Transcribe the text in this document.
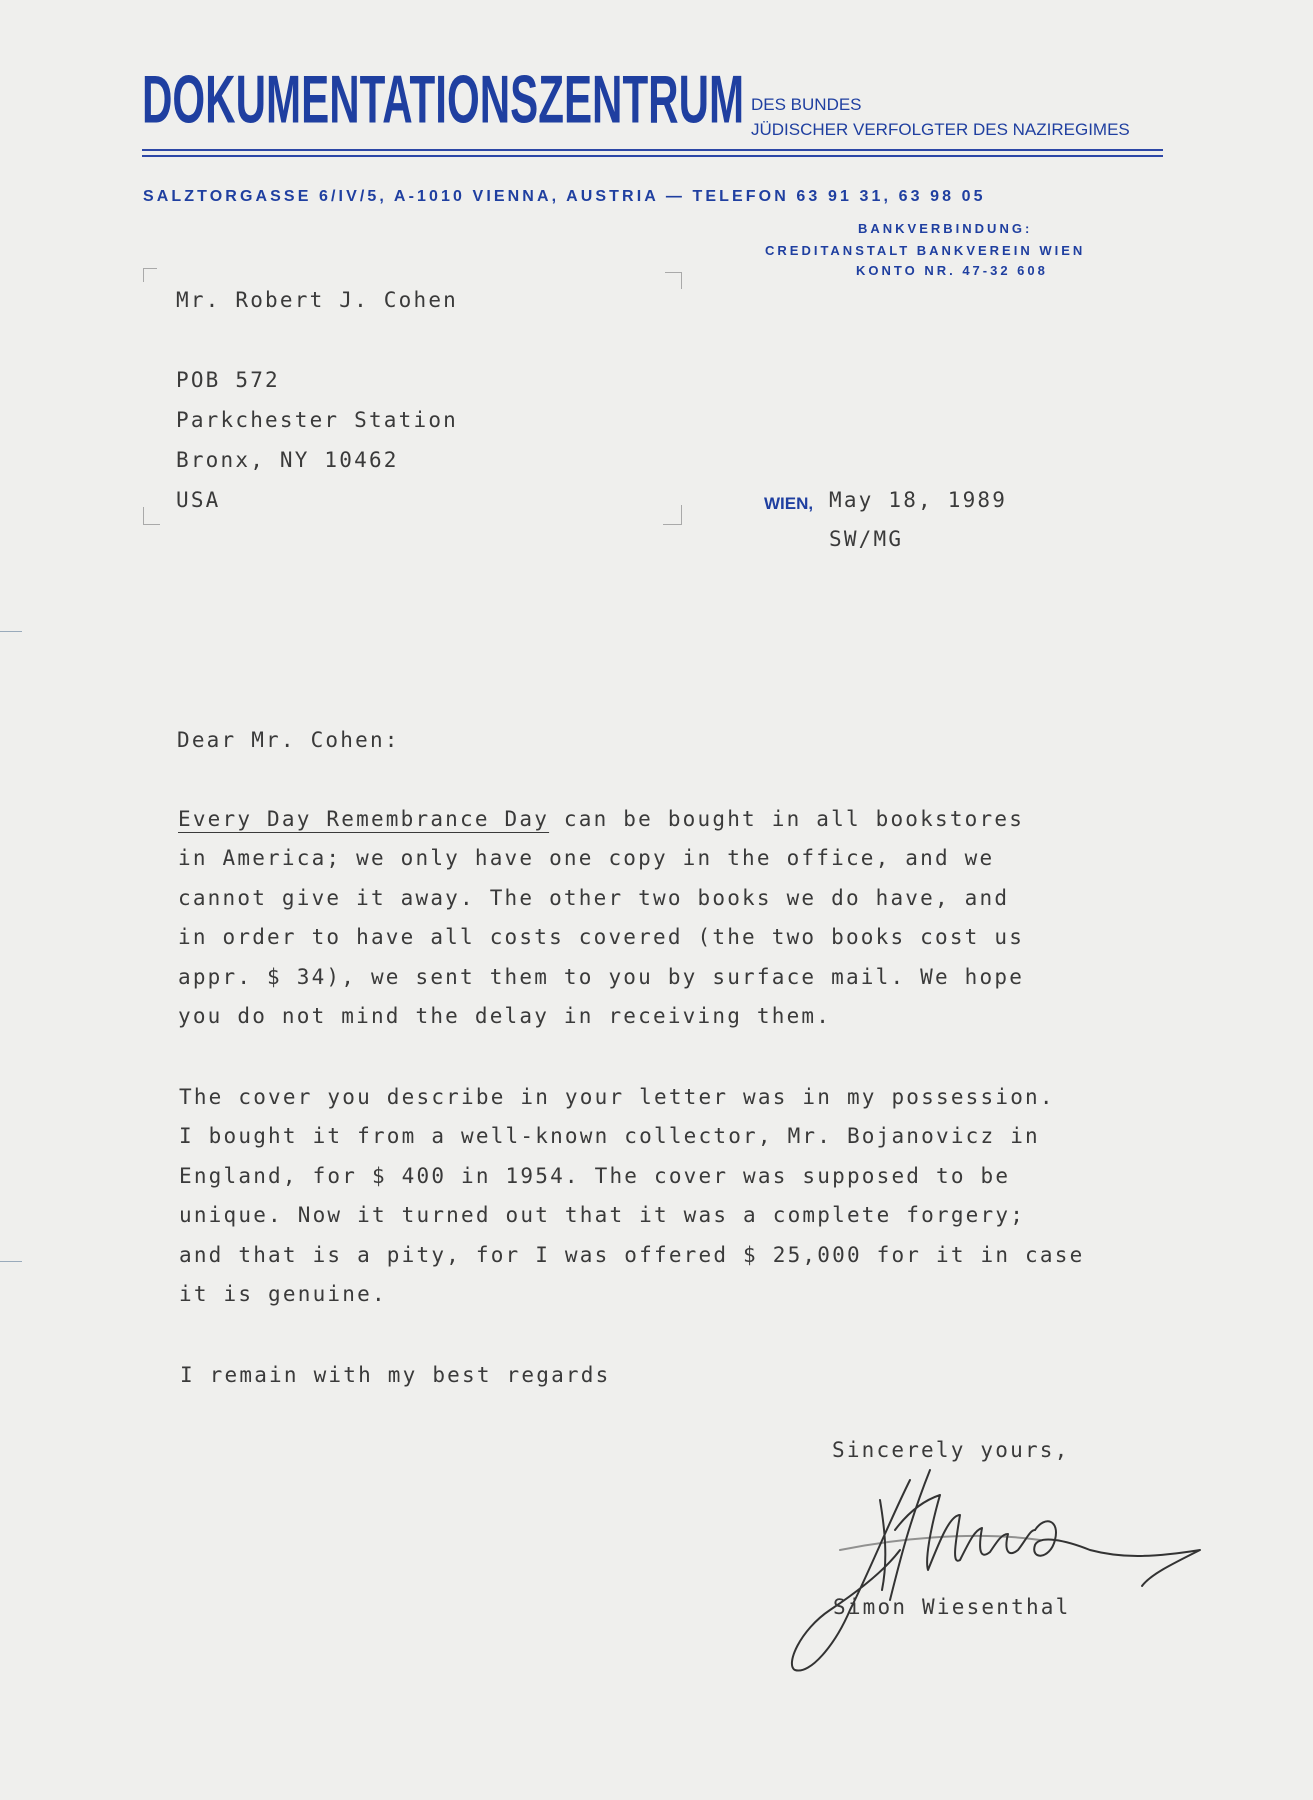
DOKUMENTATIONSZENTRUM DES BUNDES
JÜDISCHER VERFOLGTER DES NAZIREGIMES
SALZTORGASSE 6/IV/5, A-1010 VIENNA, AUSTRIA — TELEFON 63 91 31, 63 98 05
BANKVERBINDUNG:
CREDITANSTALT BANKVEREIN WIEN
KONTO NR. 47-32 608
Mr. Robert J. Cohen
POB 572
Parkchester Station
Bronx, NY 10462
USA	WIEN, May 18, 1989
SW/MG
Dear Mr. Cohen:
Every Day Remembrance Day can be bought in all bookstores
in America; we only have one copy in the office, and we
cannot give it away. The other two books we do have, and
in order to have all costs covered (the two books cost us
appr. $ 34), we sent them to you by surface mail. We hope
you do not mind the delay in receiving them.
The cover you describe in your letter was in my possession.
I bought it from a well-known collector, Mr. Bojanovicz in
England, for $ 400 in 1954. The cover was supposed to be
unique. Now it turned out that it was a complete forgery;
and that is a pity, for I was offered $ 25,000 for it in case
it is genuine.
I remain with my best regards
Sincerely yours,
Simon Wiesenthal
